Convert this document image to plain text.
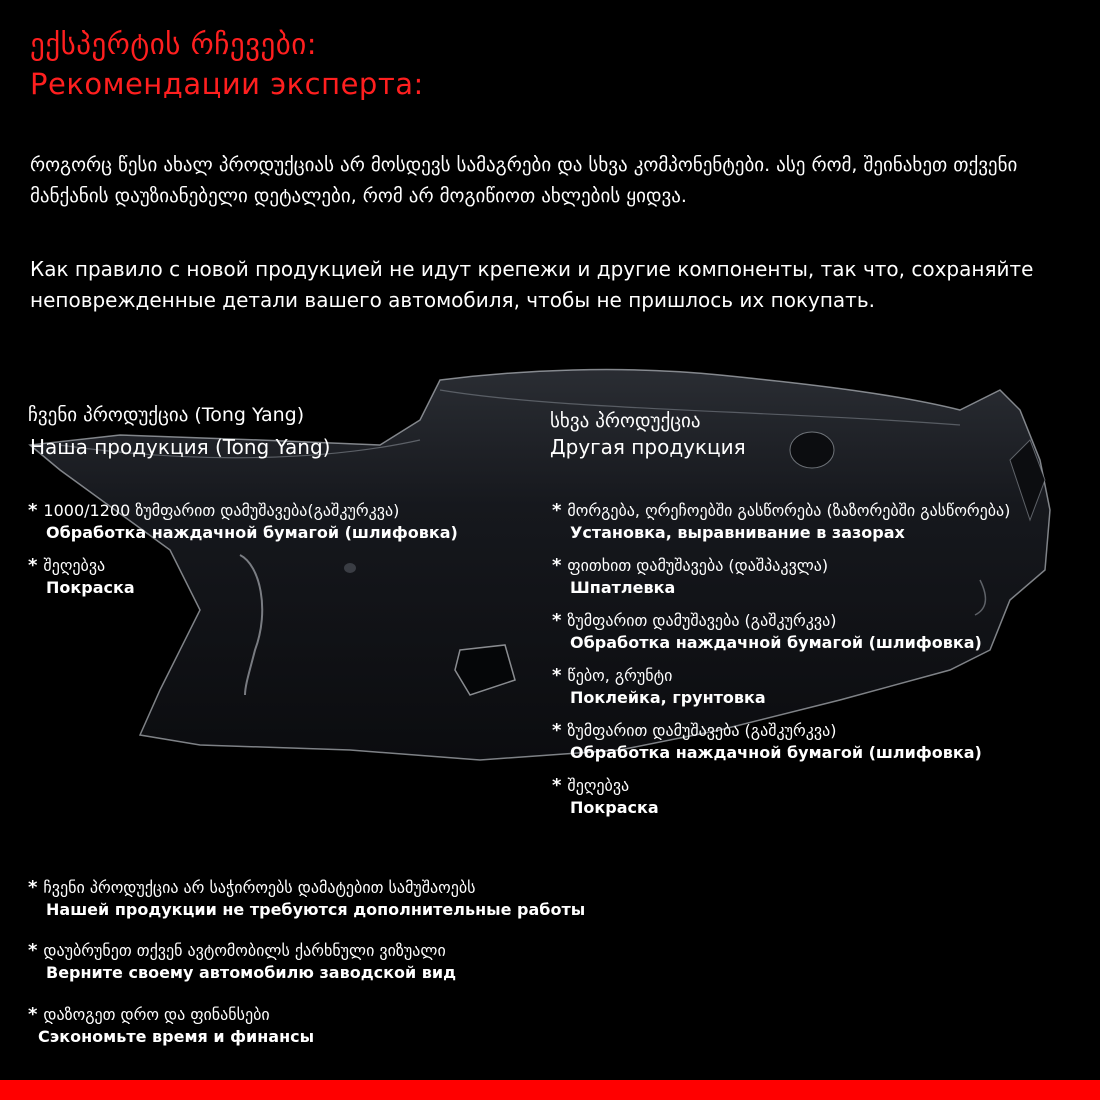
ექსპერტის რჩევები:
Рекомендации эксперта:
როგორც წესი ახალ პროდუქციას არ მოსდევს სამაგრები და სხვა კომპონენტები. ასე რომ, შეინახეთ თქვენი მანქანის დაუზიანებელი დეტალები, რომ არ მოგიწიოთ ახლების ყიდვა.
Как правило с новой продукцией не идут крепежи и другие компоненты, так что, сохраняйте неповрежденные детали вашего автомобиля, чтобы не пришлось их покупать.
ჩვენი პროდუქცია (Tong Yang)
Наша продукция (Tong Yang)
* 1000/1200 ზუმფარით დამუშავება(გაშკურკვა)
Обработка наждачной бумагой (шлифовка)
* შეღებვა
Покраска
სხვა პროდუქცია
Другая продукция
* მორგება, ღრეჩოებში გასწორება (ზაზორებში გასწორება)
Установка, выравнивание в зазорах
* ფითხით დამუშავება (დაშპაკვლა)
Шпатлевка
* ზუმფარით დამუშავება (გაშკურკვა)
Обработка наждачной бумагой (шлифовка)
* წებო, გრუნტი
Поклейка, грунтовка
* ზუმფარით დამუშავება (გაშკურკვა)
Обработка наждачной бумагой (шлифовка)
* შეღებვა
Покраска
* ჩვენი პროდუქცია არ საჭიროებს დამატებით სამუშაოებს
Нашей продукции не требуются дополнительные работы
* დაუბრუნეთ თქვენ ავტომობილს ქარხნული ვიზუალი
Верните своему автомобилю заводской вид
* დაზოგეთ დრო და ფინანსები
Сэкономьте время и финансы
